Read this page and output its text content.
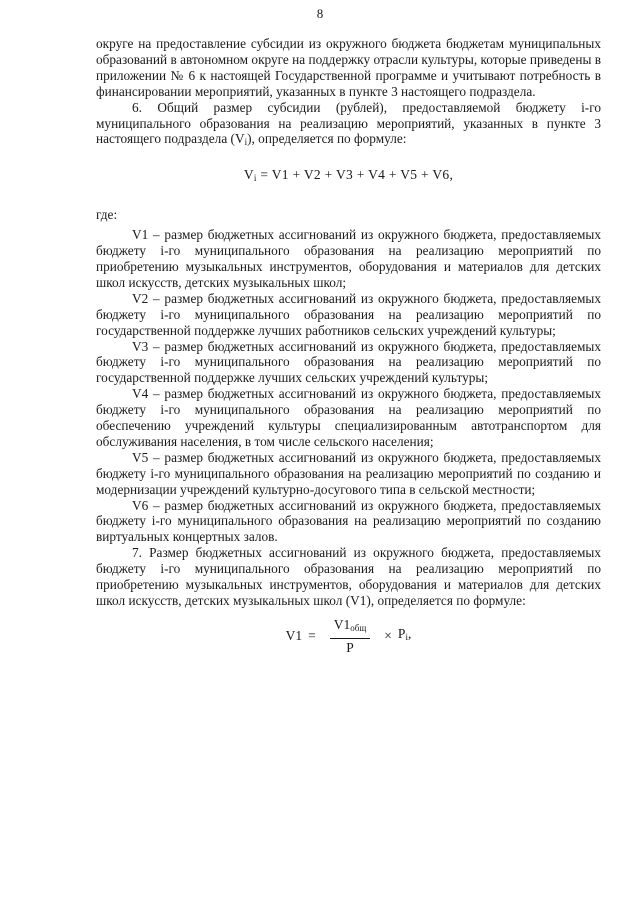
8

округе на предоставление субсидии из окружного бюджета бюджетам муниципальных образований в автономном округе на поддержку отрасли культуры, которые приведены в приложении № 6 к настоящей Государственной программе и учитывают потребность в финансировании мероприятий, указанных в пункте 3 настоящего подраздела.

6. Общий размер субсидии (рублей), предоставляемой бюджету i-го муниципального образования на реализацию мероприятий, указанных в пункте 3 настоящего подраздела $(V_i)$, определяется по формуле:

$V_i = V1 + V2 + V3 + V4 + V5 + V6$,

где:

V1 – размер бюджетных ассигнований из окружного бюджета, предоставляемых бюджету i-го муниципального образования на реализацию мероприятий по приобретению музыкальных инструментов, оборудования и материалов для детских школ искусств, детских музыкальных школ;

V2 – размер бюджетных ассигнований из окружного бюджета, предоставляемых бюджету i-го муниципального образования на реализацию мероприятий по государственной поддержке лучших работников сельских учреждений культуры;

V3 – размер бюджетных ассигнований из окружного бюджета, предоставляемых бюджету i-го муниципального образования на реализацию мероприятий по государственной поддержке лучших сельских учреждений культуры;

V4 – размер бюджетных ассигнований из окружного бюджета, предоставляемых бюджету i-го муниципального образования на реализацию мероприятий по обеспечению учреждений культуры специализированным автотранспортом для обслуживания населения, в том числе сельского населения;

V5 – размер бюджетных ассигнований из окружного бюджета, предоставляемых бюджету i-го муниципального образования на реализацию мероприятий по созданию и модернизации учреждений культурно-досугового типа в сельской местности;

V6 – размер бюджетных ассигнований из окружного бюджета, предоставляемых бюджету i-го муниципального образования на реализацию мероприятий по созданию виртуальных концертных залов.

7. Размер бюджетных ассигнований из окружного бюджета, предоставляемых бюджету i-го муниципального образования на реализацию мероприятий по приобретению музыкальных инструментов, оборудования и материалов для детских школ искусств, детских музыкальных школ (V1), определяется по формуле:

$V1 = \frac{V1_{общ}}{P} \times P_i$,
